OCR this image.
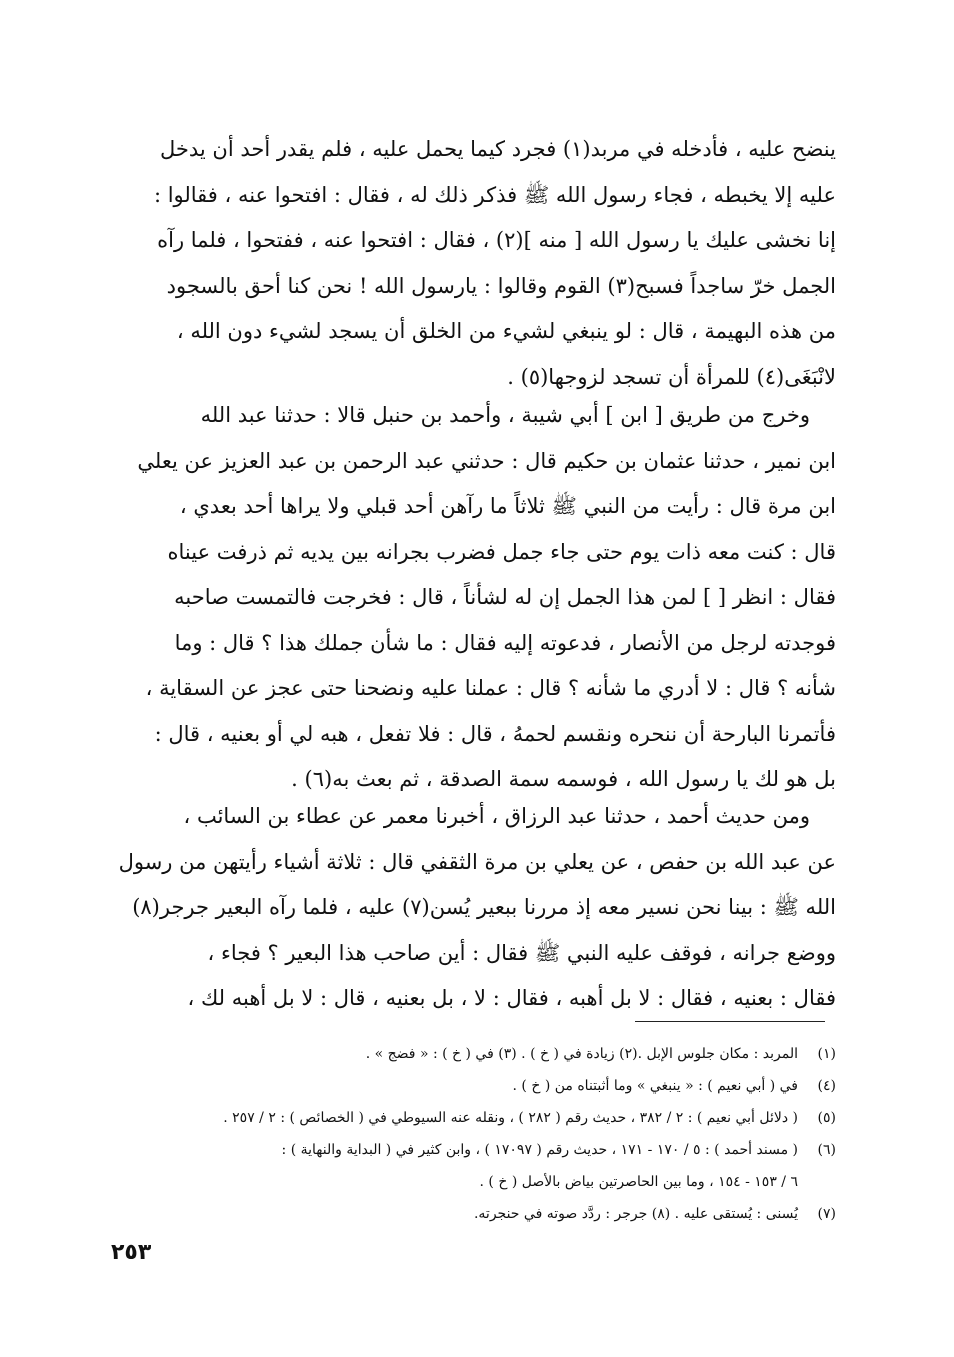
ينضح عليه ، فأدخله في مربد(١) فجرد كيما يحمل عليه ، فلم يقدر أحد أن يدخل
عليه إلا يخبطه ، فجاء رسول الله ﷺ فذكر ذلك له ، فقال : افتحوا عنه ، فقالوا :
إنا نخشى عليك يا رسول الله [ منه ](٢) ، فقال : افتحوا عنه ، ففتحوا ، فلما رآه
الجمل خرّ ساجداً فسبح(٣) القوم وقالوا : يارسول الله ! نحن كنا أحق بالسجود
من هذه البهيمة ، قال : لو ينبغي لشيء من الخلق أن يسجد لشيء دون الله ،
لانْبَغَى(٤) للمرأة أن تسجد لزوجها(٥) .
وخرج من طريق [ ابن ] أبي شيبة ، وأحمد بن حنبل قالا : حدثنا عبد الله
ابن نمير ، حدثنا عثمان بن حكيم قال : حدثني عبد الرحمن بن عبد العزيز عن يعلي
ابن مرة قال : رأيت من النبي ﷺ ثلاثاً ما رآهن أحد قبلي ولا يراها أحد بعدي ،
قال : كنت معه ذات يوم حتى جاء جمل فضرب بجرانه بين يديه ثم ذرفت عيناه
فقال : انظر [ ] لمن هذا الجمل إن له لشأناً ، قال : فخرجت فالتمست صاحبه
فوجدته لرجل من الأنصار ، فدعوته إليه فقال : ما شأن جملك هذا ؟ قال : وما
شأنه ؟ قال : لا أدري ما شأنه ؟ قال : عملنا عليه ونضحنا حتى عجز عن السقاية ،
فأتمرنا البارحة أن ننحره ونقسم لحمهُ ، قال : فلا تفعل ، هبه لي أو بعنيه ، قال :
بل هو لك يا رسول الله ، فوسمه سمة الصدقة ، ثم بعث به(٦) .
ومن حديث أحمد ، حدثنا عبد الرزاق ، أخبرنا معمر عن عطاء بن السائب ،
عن عبد الله بن حفص ، عن يعلي بن مرة الثقفي قال : ثلاثة أشياء رأيتهن من رسول
الله ﷺ : بينا نحن نسير معه إذ مررنا ببعير يُسن(٧) عليه ، فلما رآه البعير جرجر(٨)
ووضع جرانه ، فوقف عليه النبي ﷺ فقال : أين صاحب هذا البعير ؟ فجاء ،
فقال : بعنيه ، فقال : لا بل أهبه ، فقال : لا ، بل بعنيه ، قال : لا بل أهبه لك ،
(١)
المربد : مكان جلوس الإبل .(٢) زيادة في ( خ ) . (٣) في ( خ ) : « فضج » .
(٤)
في ( أبي نعيم ) : « ينبغي » وما أثبتناه من ( خ ) .
(٥)
( دلائل أبي نعيم ) : ٢ / ٣٨٢ ، حديث رقم ( ٢٨٢ ) ، ونقله عنه السيوطي في ( الخصائص ) : ٢ / ٢٥٧ .
(٦)
( مسند أحمد ) : ٥ / ١٧٠ - ١٧١ ، حديث رقم ( ١٧٠٩٧ ) ، وابن كثير في ( البداية والنهاية ) :
٦ / ١٥٣ - ١٥٤ ، وما بين الحاصرتين بياض بالأصل ( خ ) .
(٧)
يُسنى : يُستقى عليه . (٨) جرجر : ردَّد صوته في حنجرته.
٢٥٣
